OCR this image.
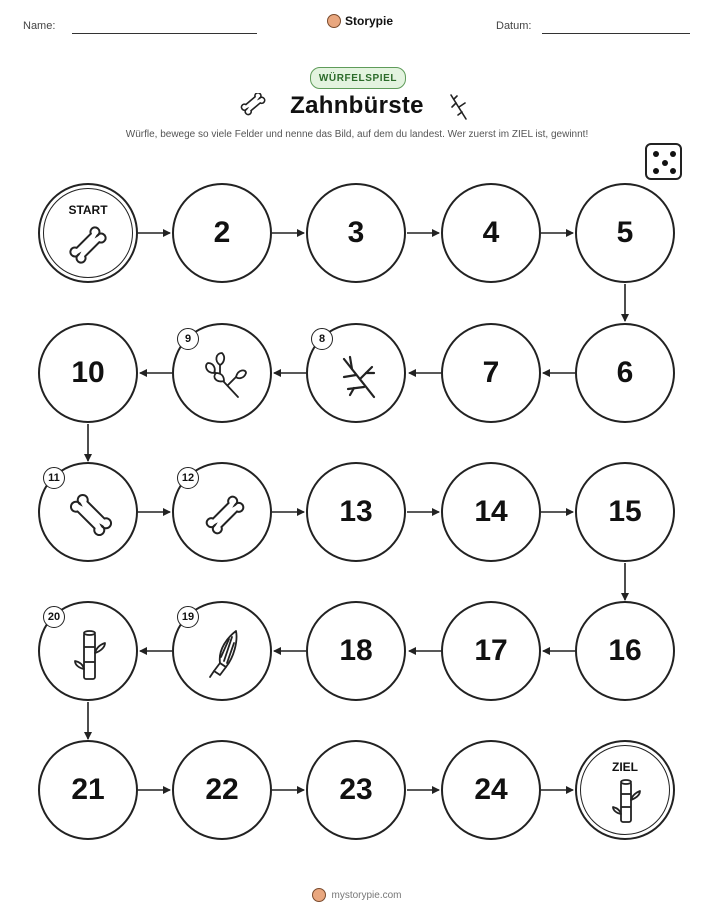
Name:	Storypie	Datum:
WÜRFELSPIEL
Zahnbürste
Würfle, bewege so viele Felder und nenne das Bild, auf dem du landest. Wer zuerst im ZIEL ist, gewinnt!
START
2	3	4	5
10
9	8
7	6
11	12
13	14	15
20	19
18	17	16
21	22	23	24
ZIEL
mystorypie.com
